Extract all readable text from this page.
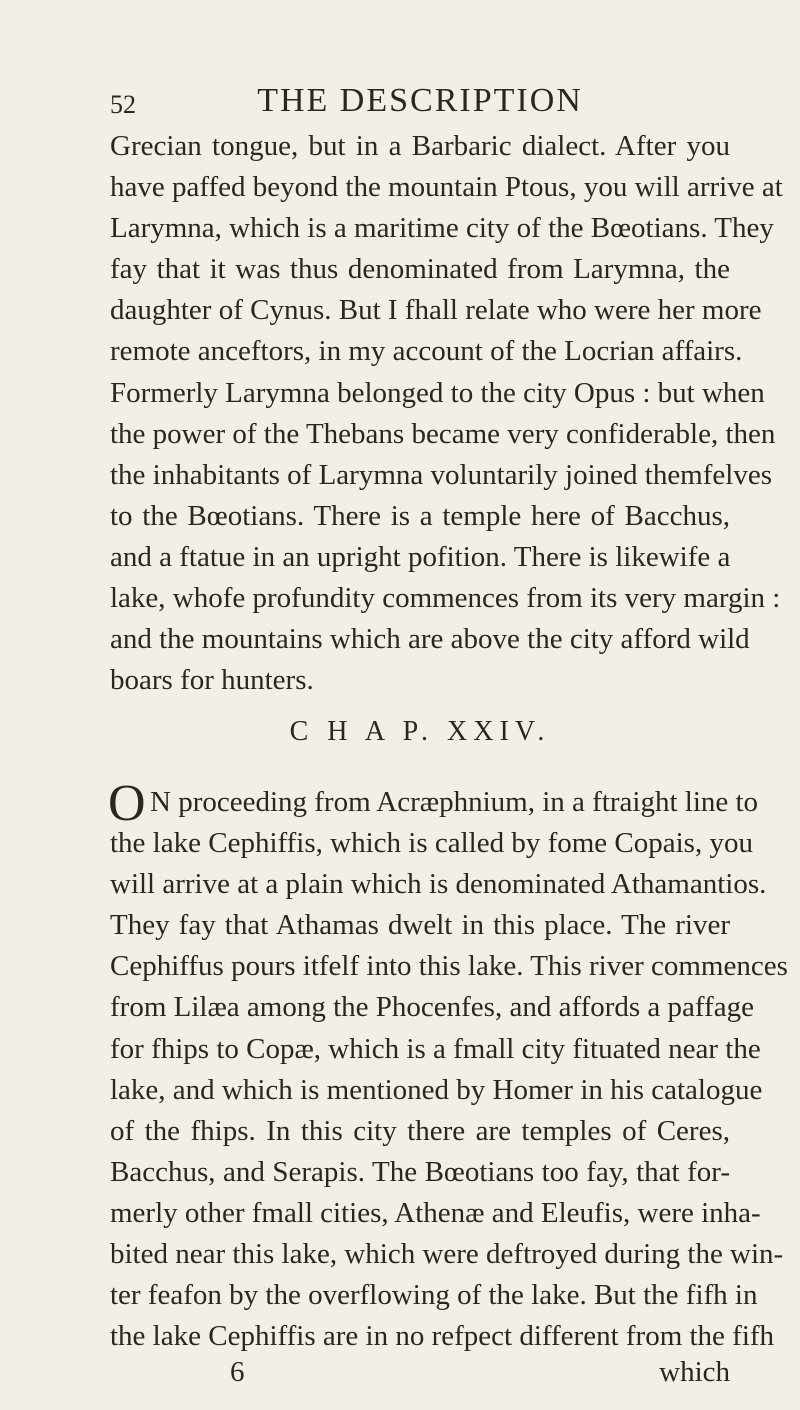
52	THE DESCRIPTION
Grecian tongue, but in a Barbaric dialect. After you
have paffed beyond the mountain Ptous, you will arrive at
Larymna, which is a maritime city of the Bœotians. They
fay that it was thus denominated from Larymna, the
daughter of Cynus. But I fhall relate who were her more
remote anceftors, in my account of the Locrian affairs.
Formerly Larymna belonged to the city Opus : but when
the power of the Thebans became very confiderable, then
the inhabitants of Larymna voluntarily joined themfelves
to the Bœotians. There is a temple here of Bacchus,
and a ftatue in an upright pofition. There is likewife a
lake, whofe profundity commences from its very margin :
and the mountains which are above the city afford wild
boars for hunters.
C H A P. XXIV.
O N proceeding from Acræphnium, in a ftraight line to
the lake Cephiffis, which is called by fome Copais, you
will arrive at a plain which is denominated Athamantios.
They fay that Athamas dwelt in this place. The river
Cephiffus pours itfelf into this lake. This river commences
from Lilæa among the Phocenfes, and affords a paffage
for fhips to Copæ, which is a fmall city fituated near the
lake, and which is mentioned by Homer in his catalogue
of the fhips. In this city there are temples of Ceres,
Bacchus, and Serapis. The Bœotians too fay, that for-
merly other fmall cities, Athenæ and Eleufis, were inha-
bited near this lake, which were deftroyed during the win-
ter feafon by the overflowing of the lake. But the fifh in
the lake Cephiffis are in no refpect different from the fifh
6	which
